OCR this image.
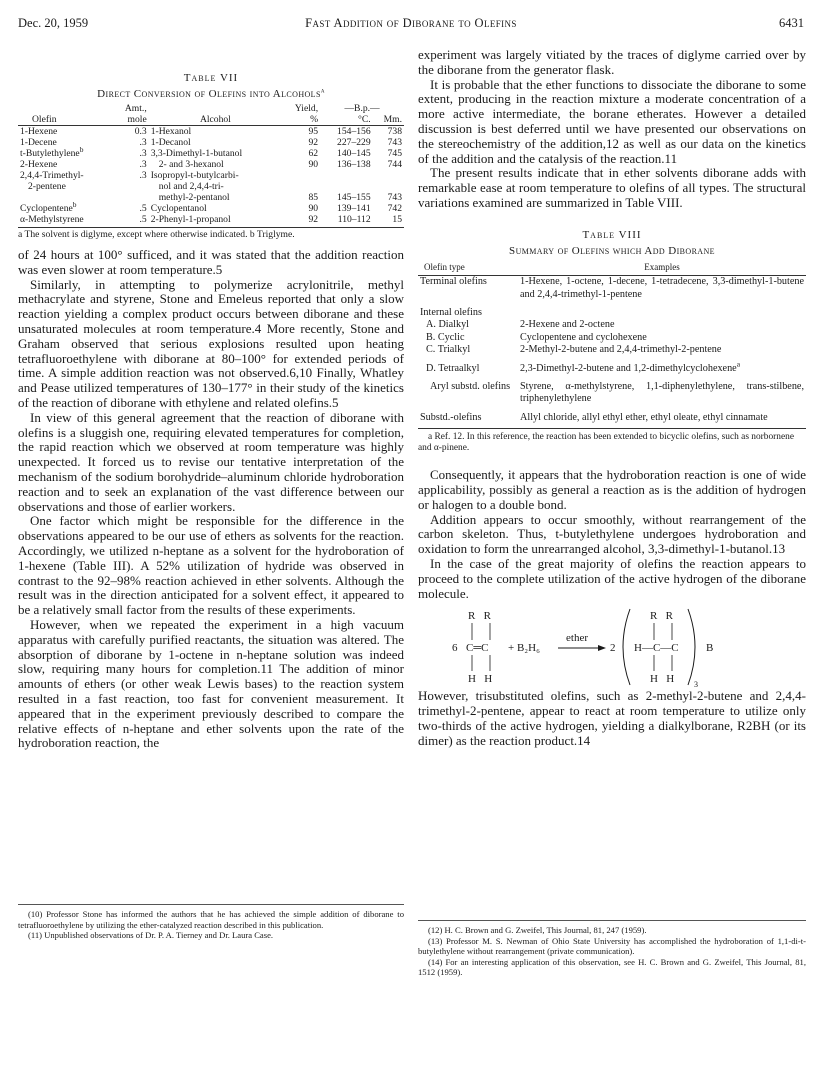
Dec. 20, 1959	Fast Addition of Diborane to Olefins	6431
Table VII
Direct Conversion of Olefins into Alcohols$^a$
	Amt.,		Yield,	—B.p.—	
Olefin	mole	Alcohol	%	°C.	Mm.
1-Hexene	0.3	1-Hexanol	95	154–156	738
1-Decene	.3	1-Decanol	92	227–229	743
t-Butylethylene$^b$	.3	3,3-Dimethyl-1-butanol	62	140–145	745
2-Hexene	.3	2- and 3-hexanol	90	136–138	744
2,4,4-Trimethyl-	.3	Isopropyl-t-butylcarbi-			
2-pentene		nol and 2,4,4-tri-			
		methyl-2-pentanol	85	145–155	743
Cyclopentene$^b$	.5	Cyclopentanol	90	139–141	742
α-Methylstyrene	.5	2-Phenyl-1-propanol	92	110–112	15
a The solvent is diglyme, except where otherwise indicated. b Triglyme.

of 24 hours at 100° sufficed, and it was stated that the addition reaction was even slower at room temperature.5

Similarly, in attempting to polymerize acrylonitrile, methyl methacrylate and styrene, Stone and Emeleus reported that only a slow reaction yielding a complex product occurs between diborane and these unsaturated molecules at room temperature.4 More recently, Stone and Graham observed that serious explosions resulted upon heating tetrafluoroethylene with diborane at 80–100° for extended periods of time. A simple addition reaction was not observed.6,10 Finally, Whatley and Pease utilized temperatures of 130–177° in their study of the kinetics of the reaction of diborane with ethylene and related olefins.5

In view of this general agreement that the reaction of diborane with olefins is a sluggish one, requiring elevated temperatures for completion, the rapid reaction which we observed at room temperature was highly unexpected. It forced us to revise our tentative interpretation of the mechanism of the sodium borohydride–aluminum chloride hydroboration reaction and to seek an explanation of the vast difference between our observations and those of earlier workers.

One factor which might be responsible for the difference in the observations appeared to be our use of ethers as solvents for the reaction. Accordingly, we utilized n-heptane as a solvent for the hydroboration of 1-hexene (Table III). A 52% utilization of hydride was observed in contrast to the 92–98% reaction achieved in ether solvents. Although the result was in the direction anticipated for a solvent effect, it appeared to be a relatively small factor from the results of these experiments.

However, when we repeated the experiment in a high vacuum apparatus with carefully purified reactants, the situation was altered. The absorption of diborane by 1-octene in n-heptane solution was indeed slow, requiring many hours for completion.11 The addition of minor amounts of ethers (or other weak Lewis bases) to the reaction system resulted in a fast reaction, too fast for convenient measurement. It appeared that in the experiment previously described to compare the relative effects of n-heptane and ether solvents upon the rate of the hydroboration reaction, the

(10) Professor Stone has informed the authors that he has achieved the simple addition of diborane to tetrafluoroethylene by utilizing the ether-catalyzed reaction described in this publication.

(11) Unpublished observations of Dr. P. A. Tierney and Dr. Laura Case.

experiment was largely vitiated by the traces of diglyme carried over by the diborane from the generator flask.

It is probable that the ether functions to dissociate the diborane to some extent, producing in the reaction mixture a moderate concentration of a more active intermediate, the borane etherates. However a detailed discussion is best deferred until we have presented our observations on the stereochemistry of the addition,12 as well as our data on the kinetics of the addition and the catalysis of the reaction.11

The present results indicate that in ether solvents diborane adds with remarkable ease at room temperature to olefins of all types. The structural variations examined are summarized in Table VIII.

Table VIII
Summary of Olefins which Add Diborane
Olefin type	Examples
Terminal olefins	1-Hexene, 1-octene, 1-decene, 1-tetradecene, 3,3-dimethyl-1-butene and 2,4,4-trimethyl-1-pentene
Internal olefins	
A. Dialkyl	2-Hexene and 2-octene
B. Cyclic	Cyclopentene and cyclohexene
C. Trialkyl	2-Methyl-2-butene and 2,4,4-trimethyl-2-pentene
D. Tetraalkyl	2,3-Dimethyl-2-butene and 1,2-dimethylcyclohexene$^a$
Aryl substd. olefins	Styrene, α-methylstyrene, 1,1-diphenylethylene, trans-stilbene, triphenylethylene
Substd.-olefins	Allyl chloride, allyl ethyl ether, ethyl oleate, ethyl cinnamate
a Ref. 12. In this reference, the reaction has been extended to bicyclic olefins, such as norbornene and α-pinene.

Consequently, it appears that the hydroboration reaction is one of wide applicability, possibly as general a reaction as is the addition of hydrogen or halogen to a double bond.

Addition appears to occur smoothly, without rearrangement of the carbon skeleton. Thus, t-butylethylene undergoes hydroboration and oxidation to form the unrearranged alcohol, 3,3-dimethyl-1-butanol.13

In the case of the great majority of olefins the reaction appears to proceed to the complete utilization of the active hydrogen of the diborane molecule.

6
R   R
C═C
H   H
+ B₂H₆
ether
2
R   R
H—C—C
H   H
B
3

However, trisubstituted olefins, such as 2-methyl-2-butene and 2,4,4-trimethyl-2-pentene, appear to react at room temperature to utilize only two-thirds of the active hydrogen, yielding a dialkylborane, R2BH (or its dimer) as the reaction product.14

(12) H. C. Brown and G. Zweifel, This Journal, 81, 247 (1959).

(13) Professor M. S. Newman of Ohio State University has accomplished the hydroboration of 1,1-di-t-butylethylene without rearrangement (private communication).

(14) For an interesting application of this observation, see H. C. Brown and G. Zweifel, This Journal, 81, 1512 (1959).
